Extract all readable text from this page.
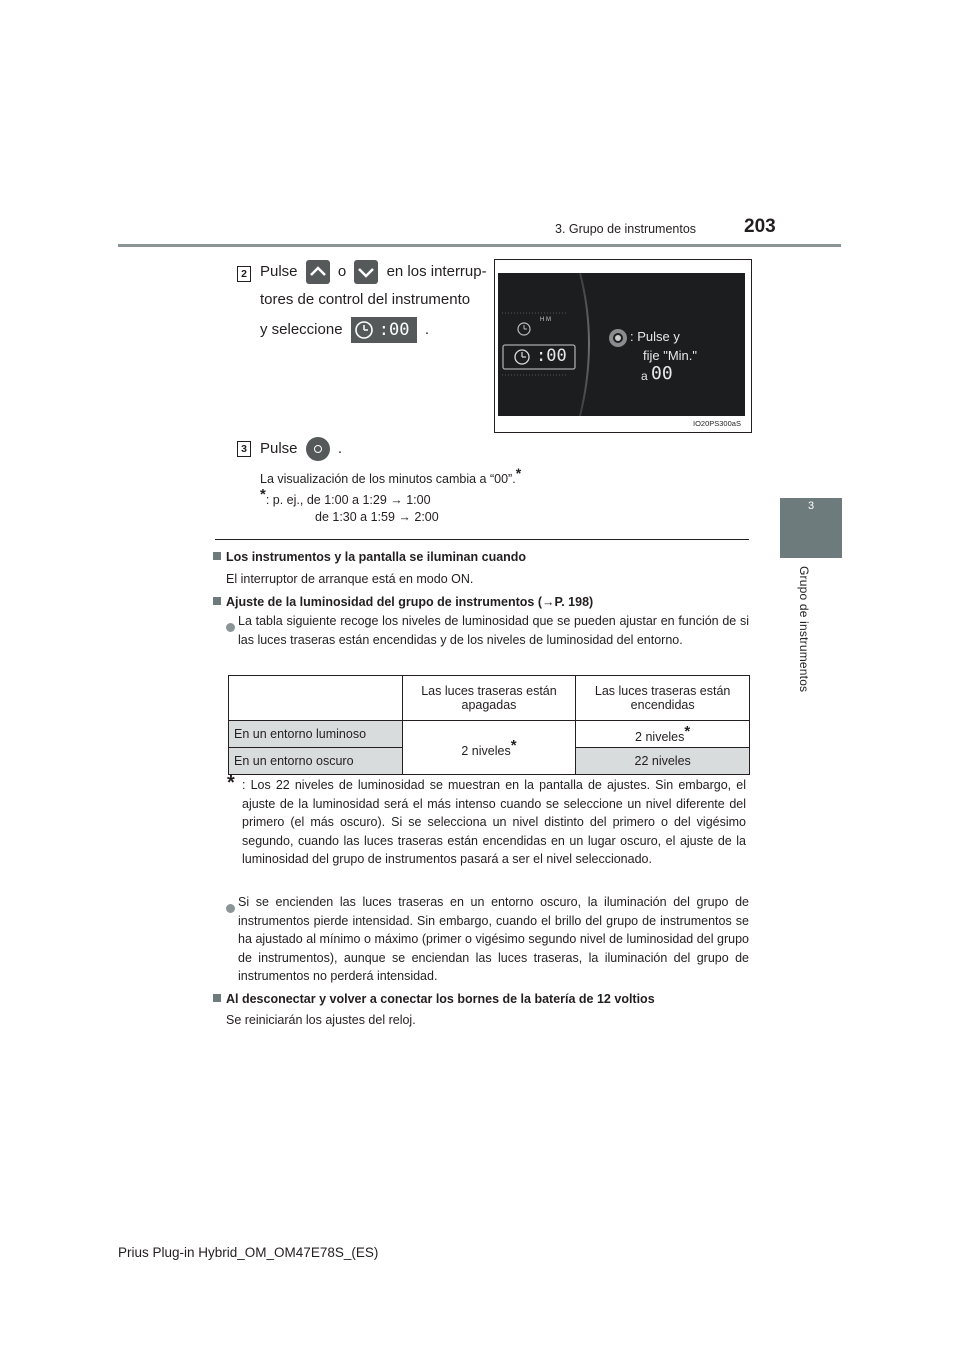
3. Grupo de instrumentos	203
3
Grupo de instrumentos
2 Pulse	o	en los interrup-
tores de control del instrumento
y seleccione :00 .
H M
:00
: Pulse y
fije "Min."
a 00
IO20PS300aS
3 Pulse	.
La visualización de los minutos cambia a “00”.*
*: p. ej., de 1:00 a 1:29 → 1:00
de 1:30 a 1:59 → 2:00
Los instrumentos y la pantalla se iluminan cuando
El interruptor de arranque está en modo ON.
Ajuste de la luminosidad del grupo de instrumentos (→P. 198)
La tabla siguiente recoge los niveles de luminosidad que se pueden ajustar en función de si las luces traseras están encendidas y de los niveles de luminosidad del entorno.
	Las luces traseras están apagadas	Las luces traseras están encendidas
En un entorno luminoso	2 niveles*	2 niveles*
En un entorno oscuro		22 niveles
* : Los 22 niveles de luminosidad se muestran en la pantalla de ajustes. Sin embargo, el ajuste de la luminosidad será el más intenso cuando se seleccione un nivel diferente del primero (el más oscuro). Si se selecciona un nivel distinto del primero o del vigésimo segundo, cuando las luces traseras están encendidas en un lugar oscuro, el ajuste de la luminosidad del grupo de instrumentos pasará a ser el nivel seleccionado.
Si se encienden las luces traseras en un entorno oscuro, la iluminación del grupo de instrumentos pierde intensidad. Sin embargo, cuando el brillo del grupo de instrumentos se ha ajustado al mínimo o máximo (primer o vigésimo segundo nivel de luminosidad del grupo de instrumentos), aunque se enciendan las luces traseras, la iluminación del grupo de instrumentos no perderá intensidad.
Al desconectar y volver a conectar los bornes de la batería de 12 voltios
Se reiniciarán los ajustes del reloj.
Prius Plug-in Hybrid_OM_OM47E78S_(ES)
